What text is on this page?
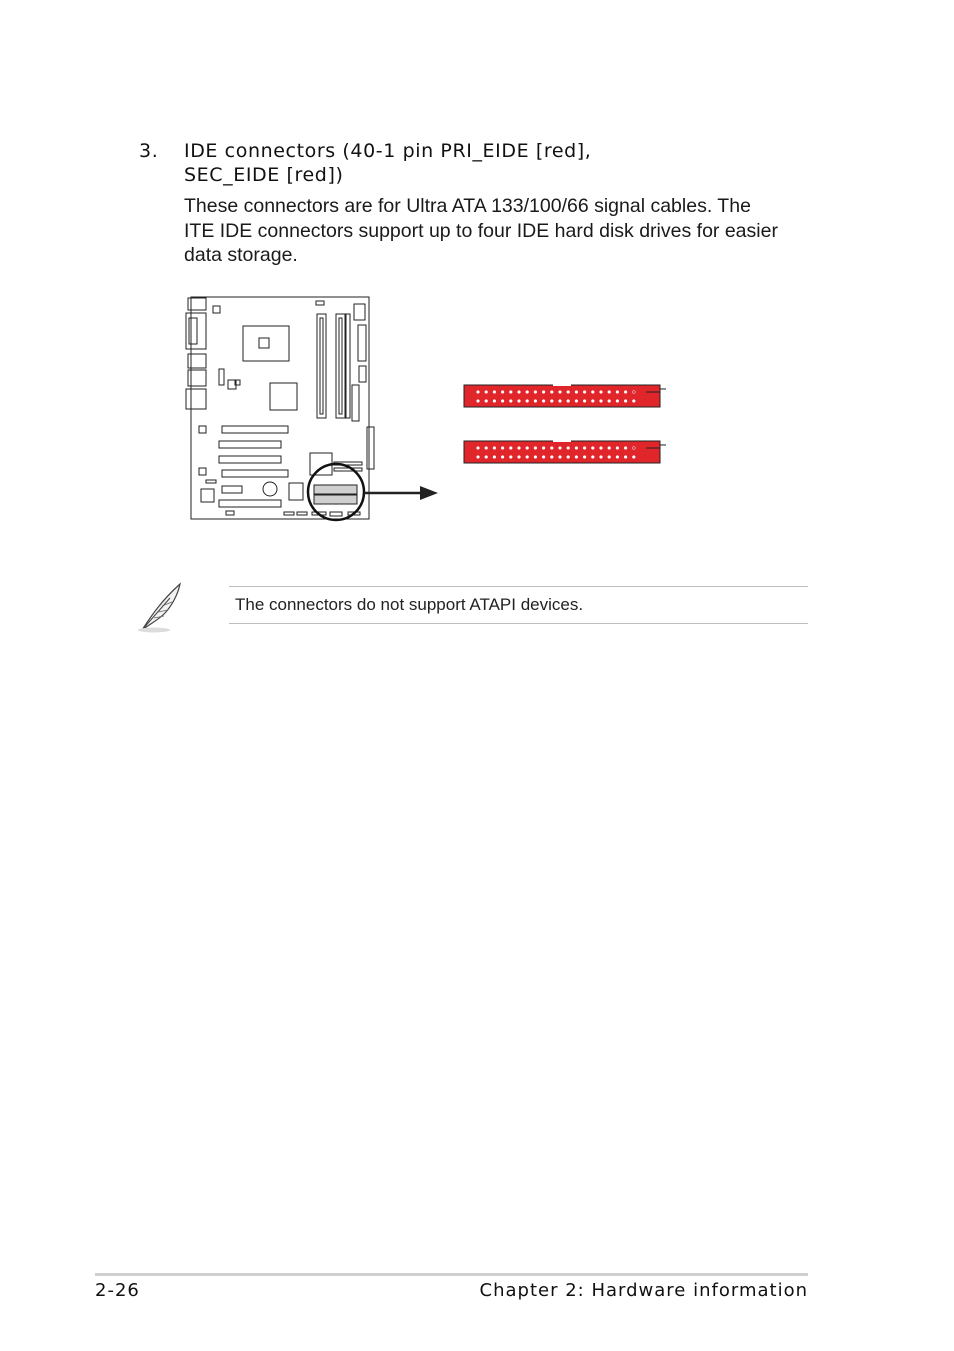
3. IDE connectors (40-1 pin PRI_EIDE [red],
SEC_EIDE [red])
These connectors are for Ultra ATA 133/100/66 signal cables. The
ITE IDE connectors support up to four IDE hard disk drives for easier
data storage.
The connectors do not support ATAPI devices.
2-26	Chapter 2: Hardware information
